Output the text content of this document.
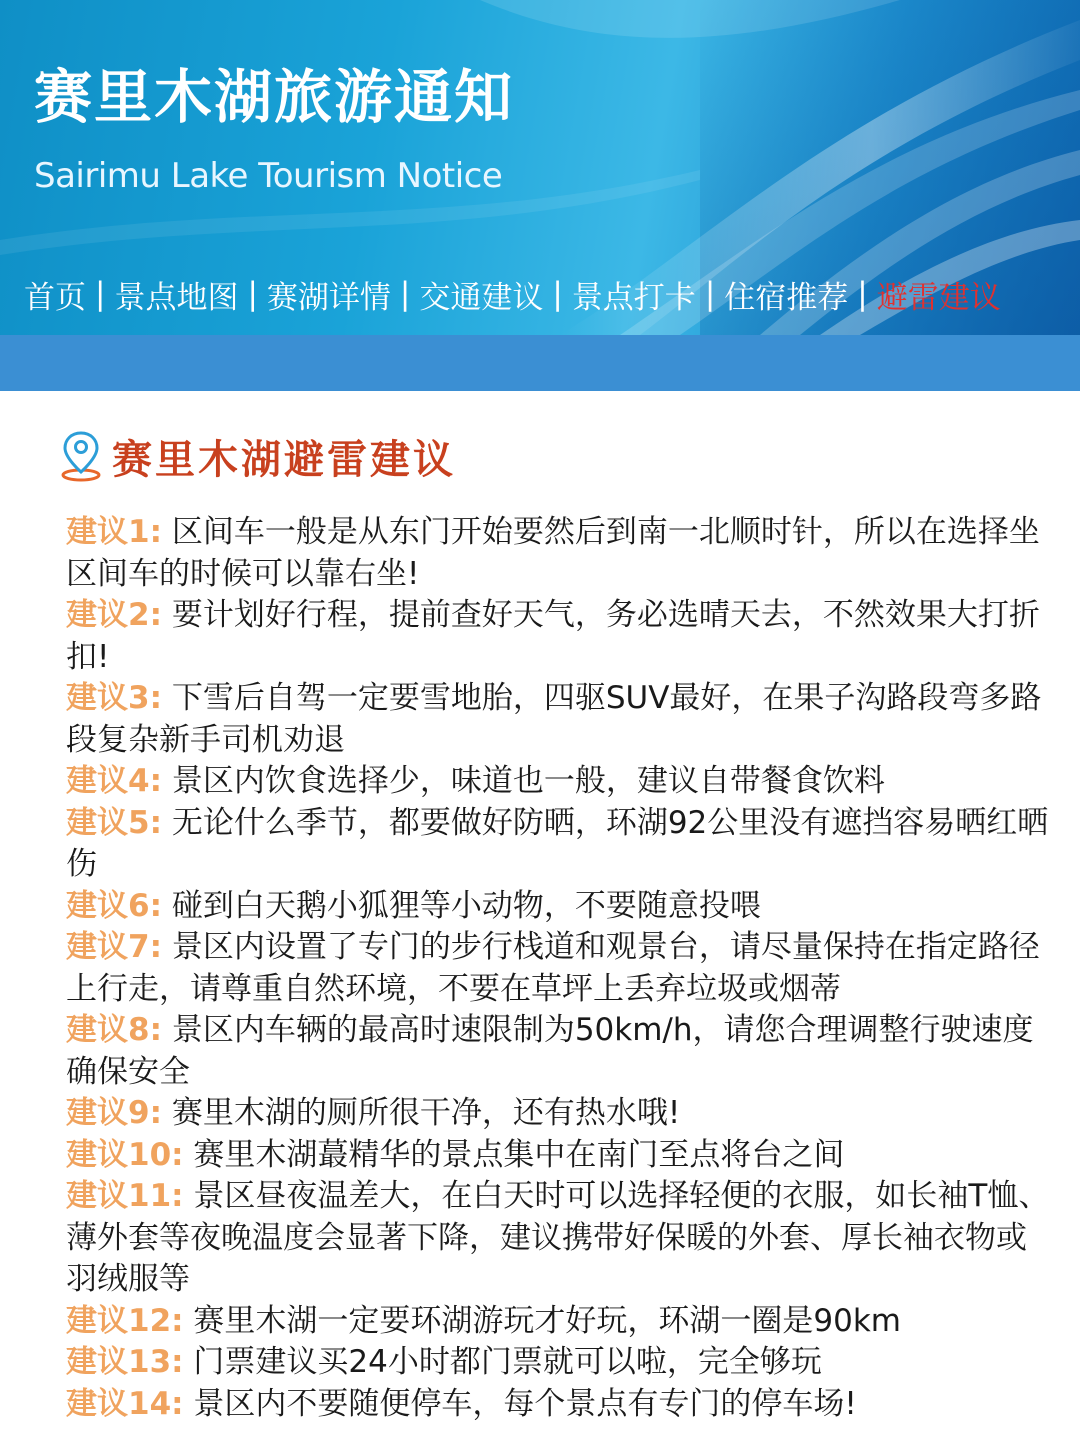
赛里木湖旅游通知
Sairimu Lake Tourism Notice
首页 | 景点地图 | 赛湖详情 | 交通建议 | 景点打卡 | 住宿推荐 | 避雷建议
赛里木湖避雷建议

建议1: 区间车一般是从东门开始要然后到南一北顺时针，所以在选择坐区间车的时候可以靠右坐!

建议2: 要计划好行程，提前查好天气，务必选晴天去，不然效果大打折扣!

建议3: 下雪后自驾一定要雪地胎，四驱SUV最好，在果子沟路段弯多路段复杂新手司机劝退

建议4: 景区内饮食选择少，味道也一般，建议自带餐食饮料

建议5: 无论什么季节，都要做好防晒，环湖92公里没有遮挡容易晒红晒伤

建议6: 碰到白天鹅小狐狸等小动物，不要随意投喂

建议7: 景区内设置了专门的步行栈道和观景台，请尽量保持在指定路径上行走，请尊重自然环境，不要在草坪上丢弃垃圾或烟蒂

建议8: 景区内车辆的最高时速限制为50km/h，请您合理调整行驶速度确保安全

建议9: 赛里木湖的厕所很干净，还有热水哦!

建议10: 赛里木湖蕞精华的景点集中在南门至点将台之间

建议11: 景区昼夜温差大，在白天时可以选择轻便的衣服，如长袖T恤、薄外套等夜晚温度会显著下降，建议携带好保暖的外套、厚长袖衣物或羽绒服等

建议12: 赛里木湖一定要环湖游玩才好玩，环湖一圈是90km

建议13: 门票建议买24小时都门票就可以啦，完全够玩

建议14: 景区内不要随便停车，每个景点有专门的停车场!
